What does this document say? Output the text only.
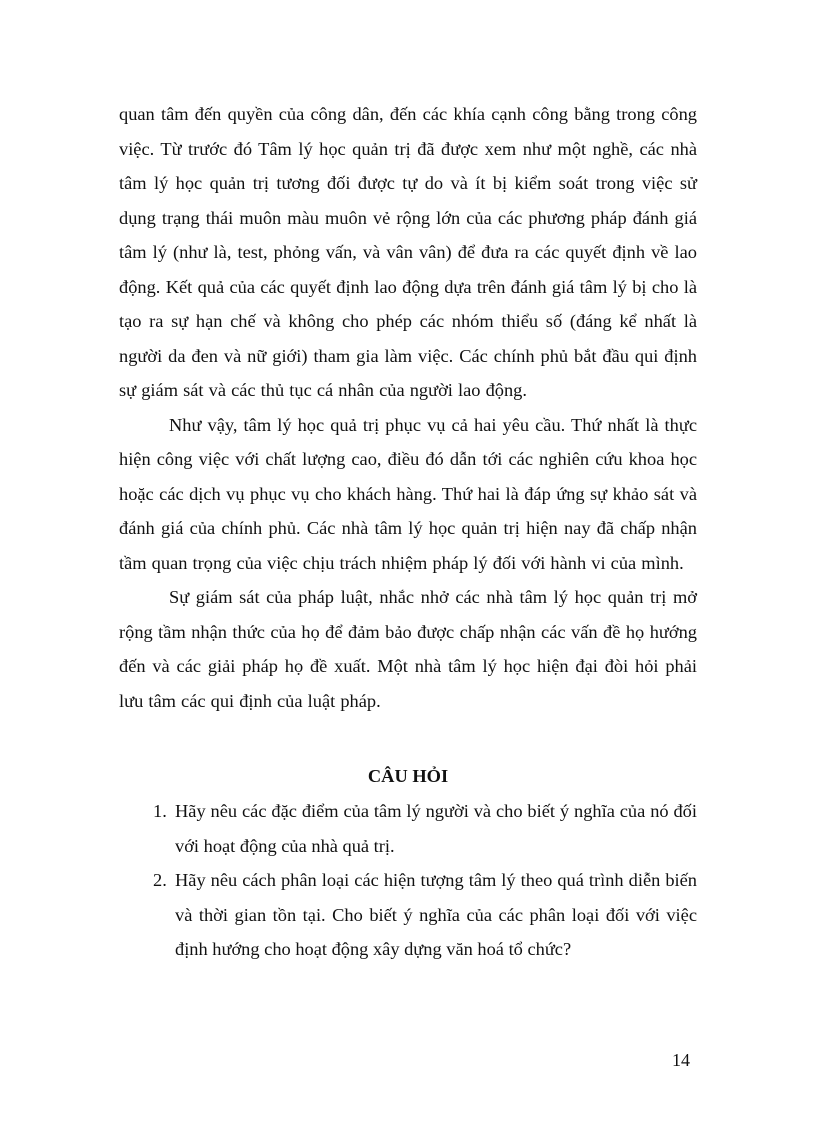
quan tâm đến quyền của công dân, đến các khía cạnh công bằng trong công việc. Từ trước đó Tâm lý học quản trị đã được xem như một nghề, các nhà tâm lý học quản trị tương đối được tự do và ít bị kiểm soát trong việc sử dụng trạng thái muôn màu muôn vẻ rộng lớn của các phương pháp đánh giá tâm lý (như là, test, phỏng vấn, và vân vân) để đưa ra các quyết định về lao động. Kết quả của các quyết định lao động dựa trên đánh giá tâm lý bị cho là tạo ra sự hạn chế và không cho phép các nhóm thiểu số (đáng kể nhất là người da đen và nữ giới) tham gia làm việc. Các chính phủ bắt đầu qui định sự giám sát và các thủ tục cá nhân của người lao động.

Như vậy, tâm lý học quả trị phục vụ cả hai yêu cầu. Thứ nhất là thực hiện công việc với chất lượng cao, điều đó dẫn tới các nghiên cứu khoa học hoặc các dịch vụ phục vụ cho khách hàng. Thứ hai là đáp ứng sự khảo sát và đánh giá của chính phủ. Các nhà tâm lý học quản trị hiện nay đã chấp nhận tầm quan trọng của việc chịu trách nhiệm pháp lý đối với hành vi của mình.

Sự giám sát của pháp luật, nhắc nhở các nhà tâm lý học quản trị mở rộng tầm nhận thức của họ để đảm bảo được chấp nhận các vấn đề họ hướng đến và các giải pháp họ đề xuất. Một nhà tâm lý học hiện đại đòi hỏi phải lưu tâm các qui định của luật pháp.

CÂU HỎI
1. Hãy nêu các đặc điểm của tâm lý người và cho biết ý nghĩa của nó đối với hoạt động của nhà quả trị.
2. Hãy nêu cách phân loại các hiện tượng tâm lý theo quá trình diễn biến và thời gian tồn tại. Cho biết ý nghĩa của các phân loại đối với việc định hướng cho hoạt động xây dựng văn hoá tổ chức?
14
